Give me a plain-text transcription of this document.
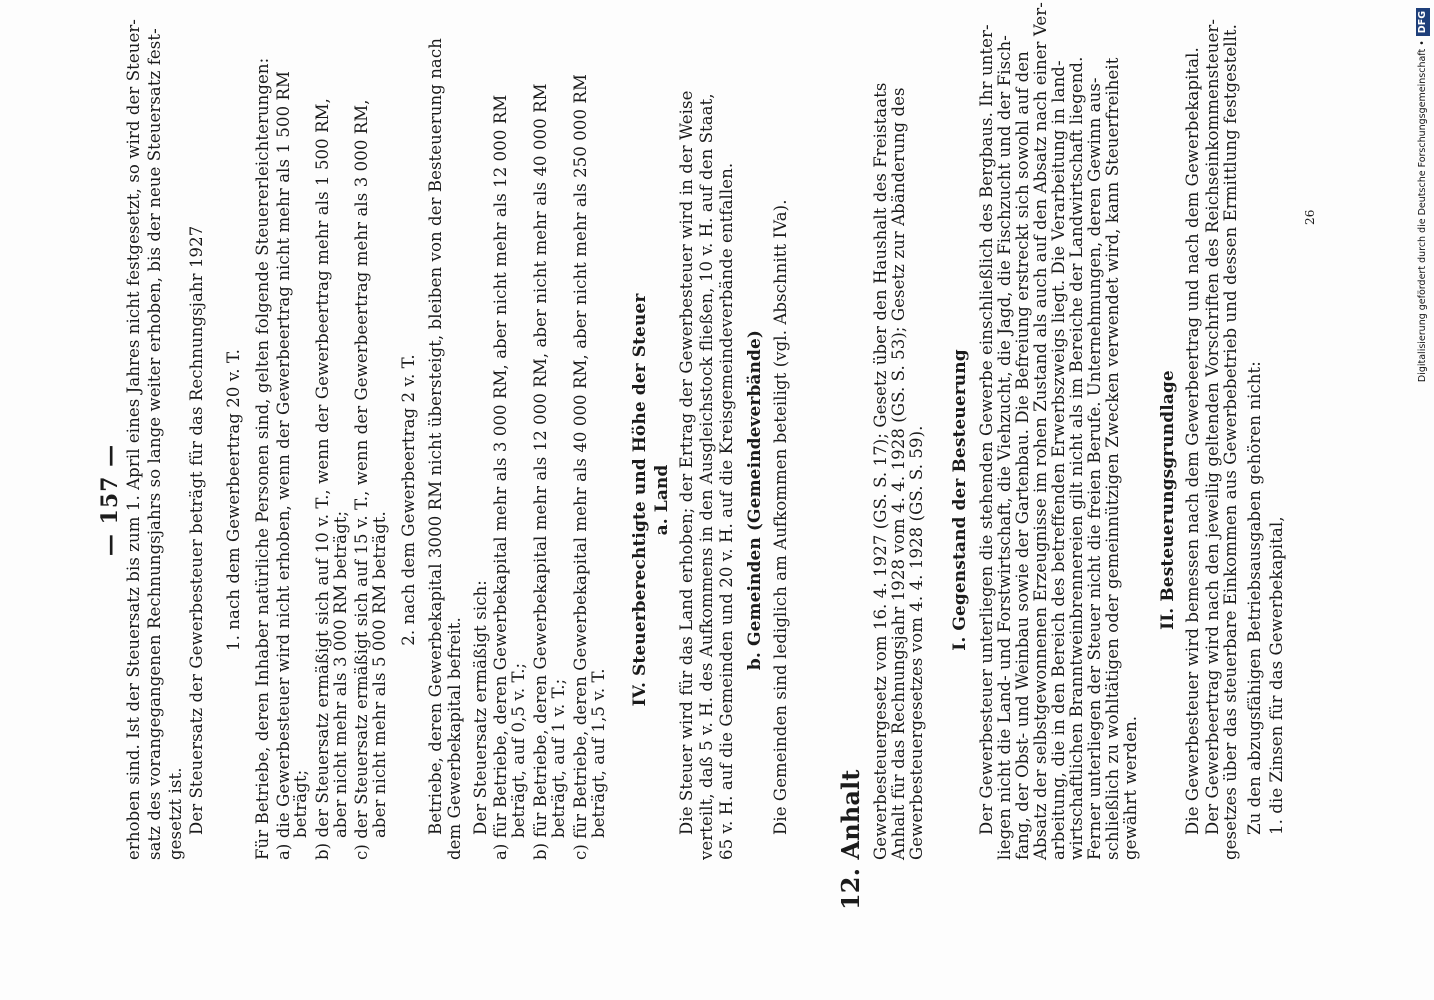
— 157 — erhoben sind. Ist der Steuersatz bis zum 1. April eines Jahres nicht festgesetzt, so wird der Steuer- satz des vorangegangenen Rechnungsjahrs so lange weiter erhoben, bis der neue Steuersatz fest- gesetzt ist. Der Steuersatz der Gewerbesteuer beträgt für das Rechnungsjahr 1927 1. nach dem Gewerbeertrag 20 v. T. Für Betriebe, deren Inhaber natürliche Personen sind, gelten folgende Steuererleichterungen: a) die Gewerbesteuer wird nicht erhoben, wenn der Gewerbeertrag nicht mehr als 1 500 RM
beträgt; b) der Steuersatz ermäßigt sich auf 10 v. T., wenn der Gewerbeertrag mehr als 1 500 RM, aber nicht mehr als 3 000 RM beträgt; c) der Steuersatz ermäßigt sich auf 15 v. T., wenn der Gewerbeertrag mehr als 3 000 RM, aber nicht mehr als 5 000 RM beträgt.
2. nach dem Gewerbeertrag 2 v. T. Betriebe, deren Gewerbekapital 3000 RM nicht übersteigt, bleiben von der Besteuerung nach dem Gewerbekapital befreit. Der Steuersatz ermäßigt sich: a) für Betriebe, deren Gewerbekapital mehr als 3 000 RM, aber nicht mehr als 12 000 RM beträgt, auf 0,5 v. T.; b) für Betriebe, deren Gewerbekapital mehr als 12 000 RM, aber nicht mehr als 40 000 RM beträgt, auf 1 v. T.; c) für Betriebe, deren Gewerbekapital mehr als 40 000 RM, aber nicht mehr als 250 000 RM beträgt, auf 1,5 v. T.
IV. Steuerberechtigte und Höhe der Steuer a. Land Die Steuer wird für das Land erhoben; der Ertrag der Gewerbesteuer wird in der Weise verteilt, daß 5 v. H. des Aufkommens in den Ausgleichstock fließen, 10 v. H. auf den Staat, 65 v. H. auf die Gemeinden und 20 v. H. auf die Kreisgemeindeverbände entfallen. b. Gemeinden (Gemeindeverbände) Die Gemeinden sind lediglich am Aufkommen beteiligt (vgl. Abschnitt IVa).
12. Anhalt Gewerbesteuergesetz vom 16. 4. 1927 (GS. S. 17); Gesetz über den Haushalt des Freistaats Anhalt für das Rechnungsjahr 1928 vom 4. 4. 1928 (GS. S. 53); Gesetz zur Abänderung des Gewerbesteuergesetzes vom 4. 4. 1928 (GS. S. 59). I. Gegenstand der Besteuerung Der Gewerbesteuer unterliegen die stehenden Gewerbe einschließlich des Bergbaus. Ihr unter- liegen nicht die Land- und Forstwirtschaft, die Viehzucht, die Jagd, die Fischzucht und der Fisch- fang, der Obst- und Weinbau sowie der Gartenbau. Die Befreiung erstreckt sich sowohl auf den Absatz der selbstgewonnenen Erzeugnisse im rohen Zustand als auch auf den Absatz nach einer Ver- arbeitung, die in den Bereich des betreffenden Erwerbszweigs liegt. Die Verarbeitung in land- wirtschaftlichen Branntweinbrennereien gilt nicht als im Bereiche der Landwirtschaft liegend. Ferner unterliegen der Steuer nicht die freien Berufe. Unternehmungen, deren Gewinn aus- schließlich zu wohltätigen oder gemeinnützigen Zwecken verwendet wird, kann Steuerfreiheit gewährt werden.
II. Besteuerungsgrundlage Die Gewerbesteuer wird bemessen nach dem Gewerbeertrag und nach dem Gewerbekapital. Der Gewerbeertrag wird nach den jeweilig geltenden Vorschriften des Reichseinkommensteuer- gesetzes über das steuerbare Einkommen aus Gewerbebetrieb und dessen Ermittlung festgestellt. Zu den abzugsfähigen Betriebsausgaben gehören nicht: 1. die Zinsen für das Gewerbekapital,
26	Digitalisierung gefördert durch die Deutsche Forschungsgemeinschaft •DFG
